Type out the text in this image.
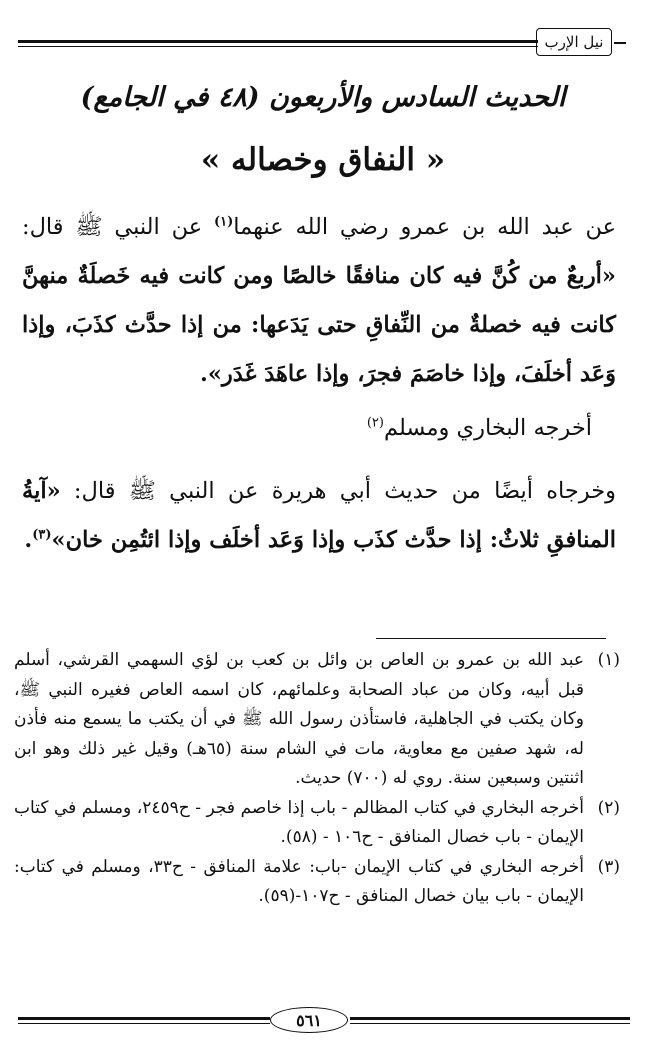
نيل الإرب
الحديث السادس والأربعون (٤٨ في الجامع)
« النفاق وخصاله »

عن عبد الله بن عمرو رضي الله عنهما$^{(١)}$ عن النبي ﷺ قال: «أربعٌ من كُنَّ فيه كان منافقًا خالصًا ومن كانت فيه خَصلَةٌ منهنَّ كانت فيه خصلةٌ من النِّفاقِ حتى يَدَعها: من إذا حدَّث كذَبَ، وإذا وَعَد أخلَفَ، وإذا خاصَمَ فجرَ، وإذا عاهَدَ غَدَر».

أخرجه البخاري ومسلم$^{(٢)}$

وخرجاه أيضًا من حديث أبي هريرة عن النبي ﷺ قال: «آيةُ المنافقِ ثلاثٌ: إذا حدَّث كذَب وإذا وَعَد أخلَف وإذا ائتُمِن خان»$^{(٣)}$.

(١)
عبد الله بن عمرو بن العاص بن وائل بن كعب بن لؤي السهمي القرشي، أسلم قبل أبيه، وكان من عباد الصحابة وعلمائهم، كان اسمه العاص فغيره النبي ﷺ، وكان يكتب في الجاهلية، فاستأذن رسول الله ﷺ في أن يكتب ما يسمع منه فأذن له، شهد صفين مع معاوية، مات في الشام سنة (٦٥هـ) وقيل غير ذلك وهو ابن اثنتين وسبعين سنة. روي له (٧٠٠) حديث.
(٢)
أخرجه البخاري في كتاب المظالم - باب إذا خاصم فجر - ح٢٤٥٩، ومسلم في كتاب الإيمان - باب خصال المنافق - ح١٠٦ - (٥٨).
(٣)
أخرجه البخاري في كتاب الإيمان -باب: علامة المنافق - ح٣٣، ومسلم في كتاب: الإيمان - باب بيان خصال المنافق - ح١٠٧-(٥٩).
٥٦١
